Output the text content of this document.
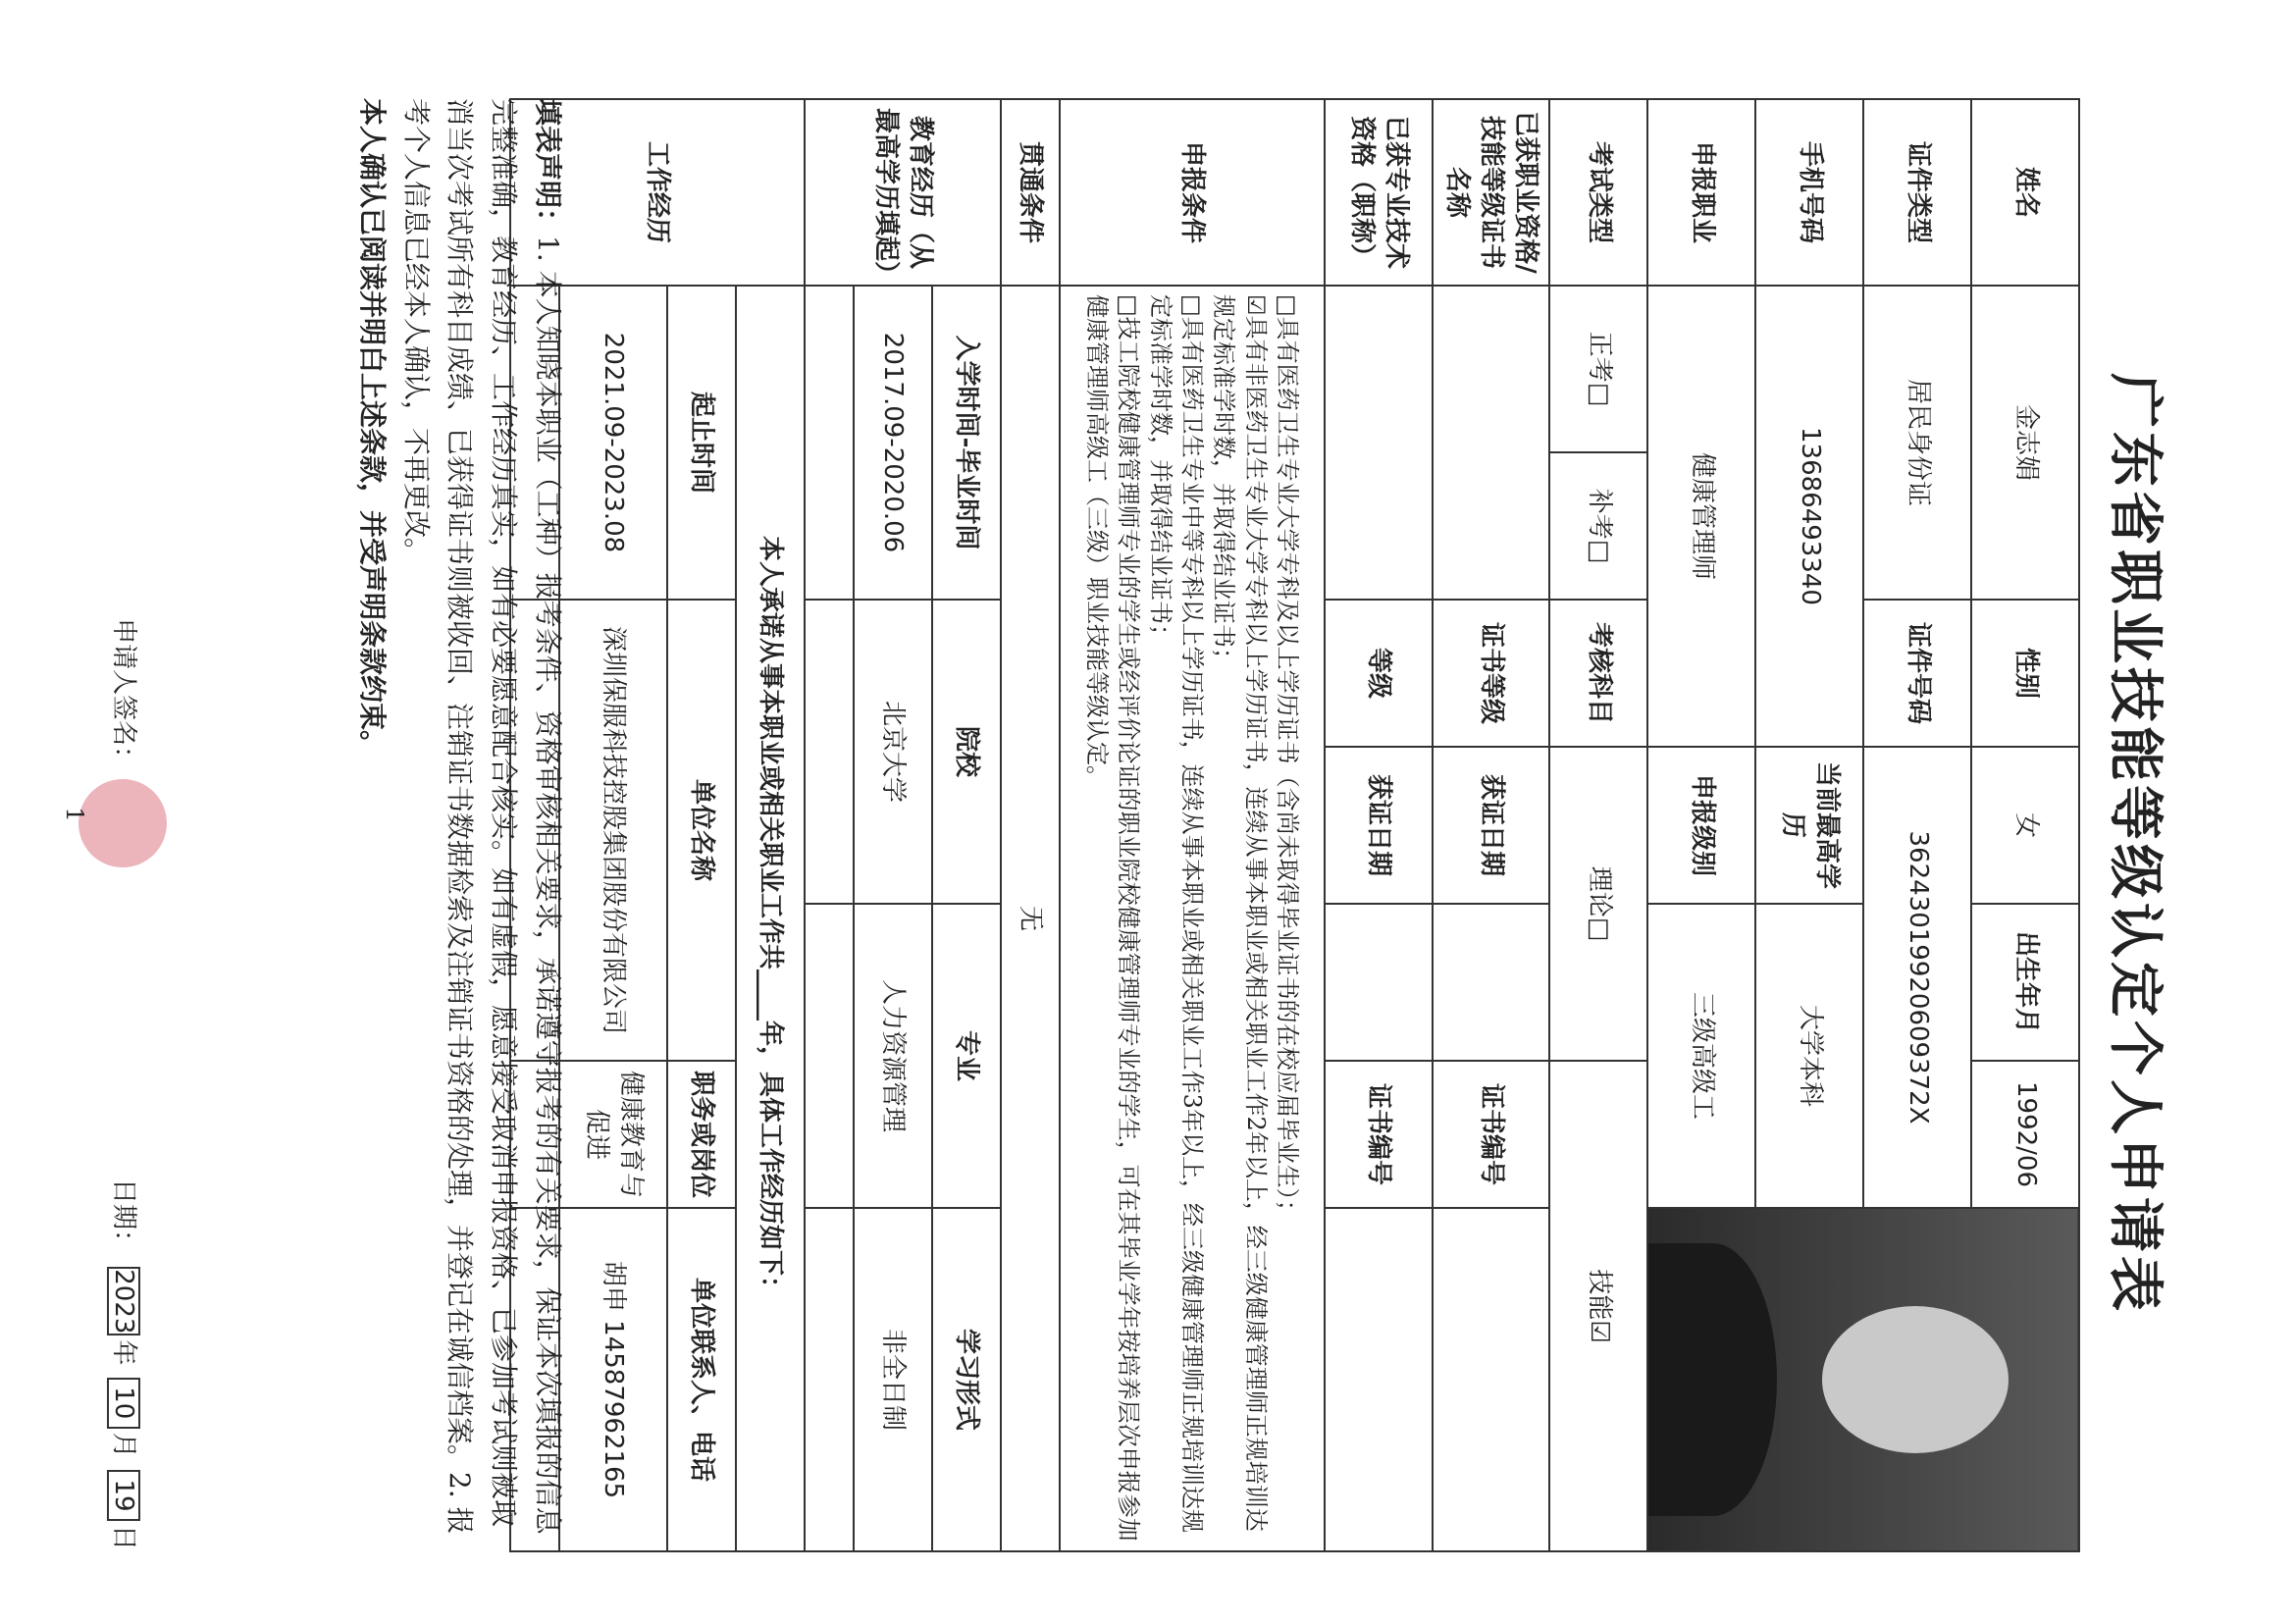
广东省职业技能等级认定个人申请表
姓名	金志娟		性别	女	出生年月	1992/06	

证件类型	居民身份证		证件号码	36243019920609372X			
手机号码	13686493340			当前最高学历	大学本科		
申报职业	健康管理师			申报级别	三级高级工		
考试类型	正考□	补考□	考核科目	理论□		技能☑	
已获职业资格/技能等级证书名称			证书等级	获证日期		证书编号	
已获专业技术资格（职称）			等级	获证日期		证书编号	
申报条件	□具有医药卫生专业大学专科及以上学历证书（含尚未取得毕业证书的在校应届毕业生）；
☑具有非医药卫生专业大学专科以上学历证书，连续从事本职业或相关职业工作2年以上，经三级健康管理师正规培训达规定标准学时数，并取得结业证书；
□具有医药卫生专业中等专科以上学历证书，连续从事本职业或相关职业工作3年以上，经三级健康管理师正规培训达规定标准学时数，并取得结业证书；
□技工院校健康管理师专业的学生或经评价论证的职业院校健康管理师专业的学生，可在其毕业学年按培养层次申报参加健康管理师高级工（三级）职业技能等级认定。						

贯通条件	无						
教育经历（从最高学历填起）	入学时间-毕业时间		院校		专业		学习形式
	2017.09-2020.06		北京大学		人力资源管理		非全日制

工作经历	本人承诺从事本职业或相关职业工作共____年，具体工作经历如下：						
	起止时间		单位名称			职务或岗位	单位联系人、电话
	2021.09-2023.08		深圳保服科技控股集团股份有限公司			健康教育与促进	胡申 14587962165

填表声明：1. 本人知晓本职业（工种）报考条件、资格审核相关要求，承诺遵守报考的有关要求，保证本次填报的信息完整准确，教育经历、工作经历真实，如有必要愿意配合核实。如有虚假，愿意接受取消申报资格、已参加考试则被取消当次考试所有科目成绩、已获得证书则被收回、注销证书数据检索及注销证书资格的处理，并登记在诚信档案。2. 报考个人信息已经本人确认，不再更改。
本人确认已阅读并明白上述条款，并受声明条款约束。
申请人签名：   日期： 2023年 10月 19日
1
